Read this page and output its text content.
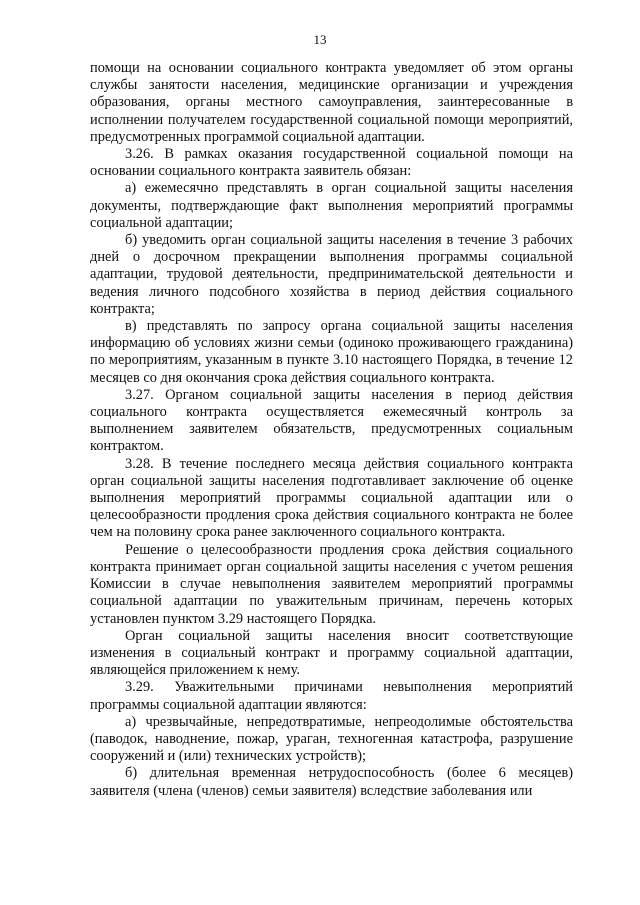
13

помощи на основании социального контракта уведомляет об этом органы службы занятости населения, медицинские организации и учреждения образования, органы местного самоуправления, заинтересованные в исполнении получателем государственной социальной помощи мероприятий, предусмотренных программой социальной адаптации.

3.26. В рамках оказания государственной социальной помощи на основании социального контракта заявитель обязан:

а) ежемесячно представлять в орган социальной защиты населения документы, подтверждающие факт выполнения мероприятий программы социальной адаптации;

б) уведомить орган социальной защиты населения в течение 3 рабочих дней о досрочном прекращении выполнения программы социальной адаптации, трудовой деятельности, предпринимательской деятельности и ведения личного подсобного хозяйства в период действия социального контракта;

в) представлять по запросу органа социальной защиты населения информацию об условиях жизни семьи (одиноко проживающего гражданина) по мероприятиям, указанным в пункте 3.10 настоящего Порядка, в течение 12 месяцев со дня окончания срока действия социального контракта.

3.27. Органом социальной защиты населения в период действия социального контракта осуществляется ежемесячный контроль за выполнением заявителем обязательств, предусмотренных социальным контрактом.

3.28. В течение последнего месяца действия социального контракта орган социальной защиты населения подготавливает заключение об оценке выполнения мероприятий программы социальной адаптации или о целесообразности продления срока действия социального контракта не более чем на половину срока ранее заключенного социального контракта.

Решение о целесообразности продления срока действия социального контракта принимает орган социальной защиты населения с учетом решения Комиссии в случае невыполнения заявителем мероприятий программы социальной адаптации по уважительным причинам, перечень которых установлен пунктом 3.29 настоящего Порядка.

Орган социальной защиты населения вносит соответствующие изменения в социальный контракт и программу социальной адаптации, являющейся приложением к нему.

3.29. Уважительными причинами невыполнения мероприятий программы социальной адаптации являются:

а) чрезвычайные, непредотвратимые, непреодолимые обстоятельства (паводок, наводнение, пожар, ураган, техногенная катастрофа, разрушение сооружений и (или) технических устройств);

б) длительная временная нетрудоспособность (более 6 месяцев) заявителя (члена (членов) семьи заявителя) вследствие заболевания или
